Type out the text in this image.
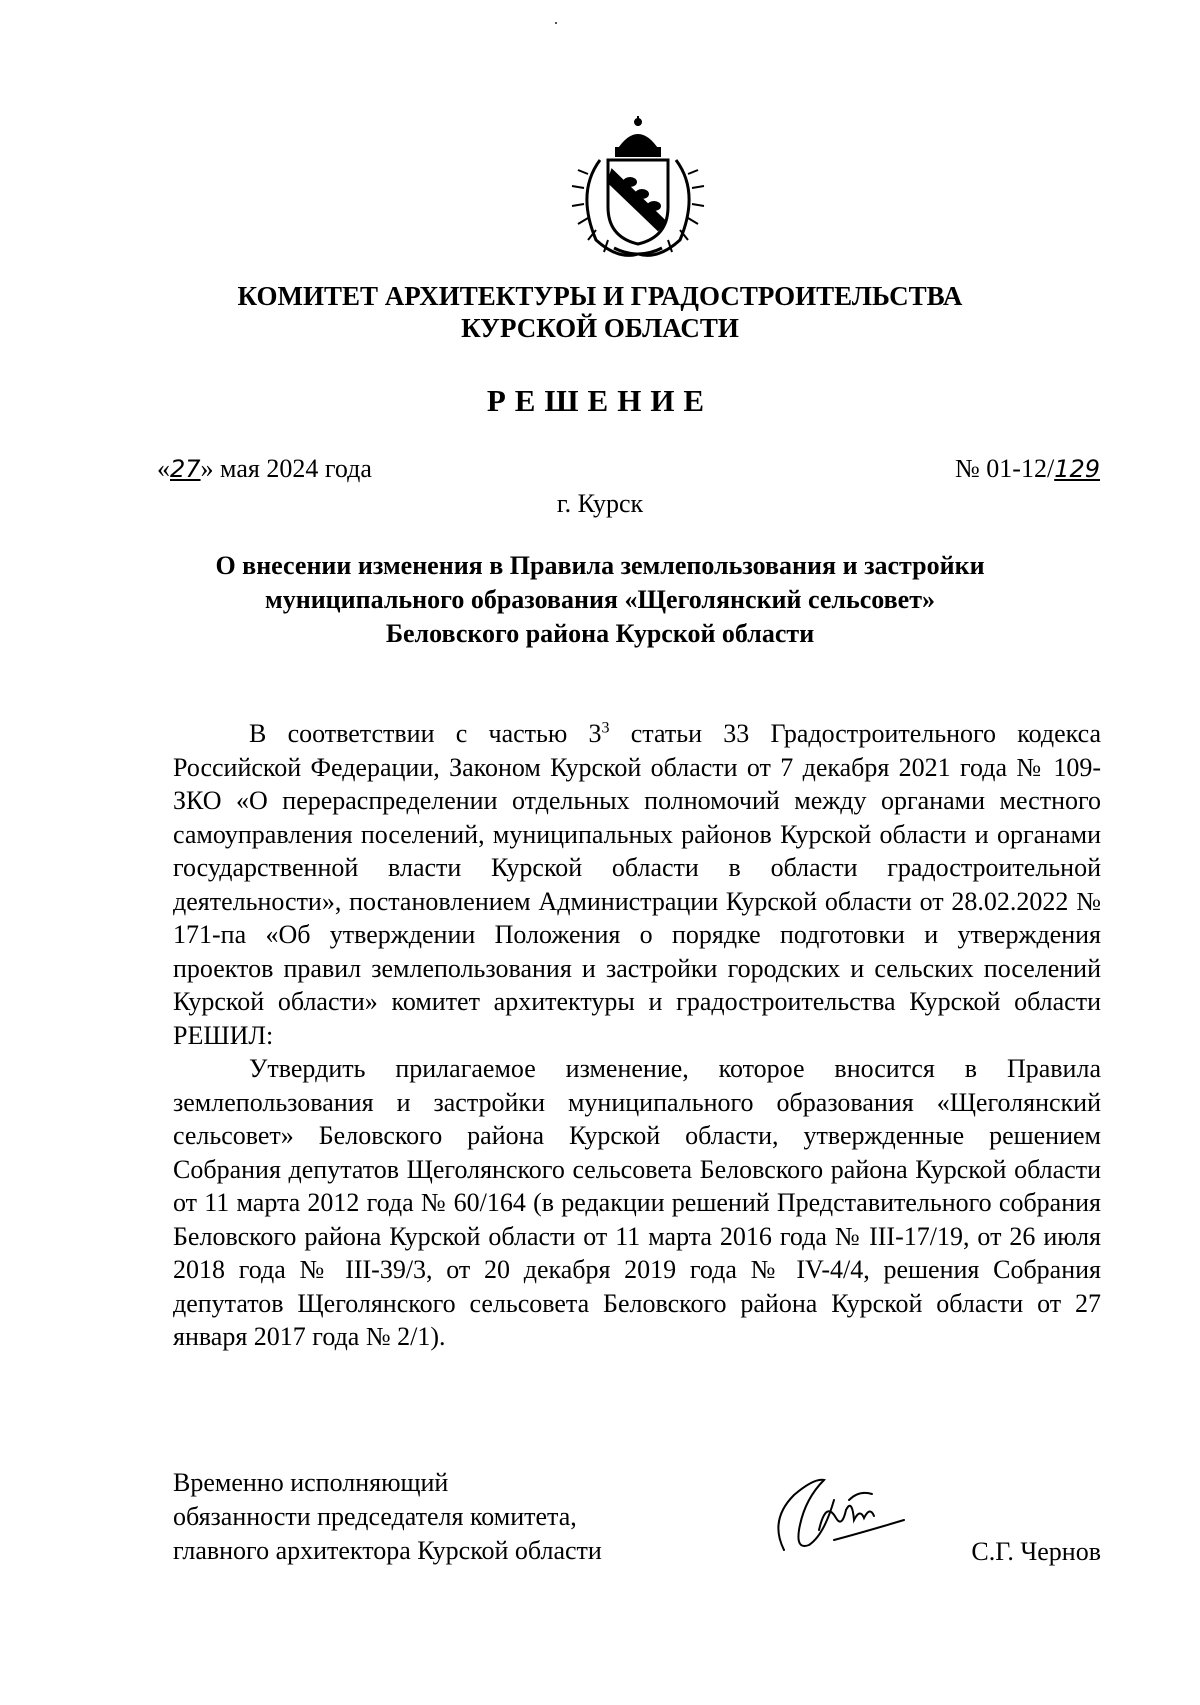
КОМИТЕТ АРХИТЕКТУРЫ И ГРАДОСТРОИТЕЛЬСТВА
КУРСКОЙ ОБЛАСТИ
РЕШЕНИЕ
«27» мая 2024 года	№ 01-12/129
г. Курск
О внесении изменения в Правила землепользования и застройки
муниципального образования «Щеголянский сельсовет»
Беловского района Курской области
В соответствии с частью $3^3$ статьи 33 Градостроительного кодекса Российской Федерации, Законом Курской области от 7 декабря 2021 года № 109-ЗКО «О перераспределении отдельных полномочий между органами местного самоуправления поселений, муниципальных районов Курской области и органами государственной власти Курской области в области градостроительной деятельности», постановлением Администрации Курской области от 28.02.2022 № 171-па «Об утверждении Положения о порядке подготовки и утверждения проектов правил землепользования и застройки городских и сельских поселений Курской области» комитет архитектуры и градостроительства Курской области РЕШИЛ:
Утвердить прилагаемое изменение, которое вносится в Правила землепользования и застройки муниципального образования «Щеголянский сельсовет» Беловского района Курской области, утвержденные решением Собрания депутатов Щеголянского сельсовета Беловского района Курской области от 11 марта 2012 года № 60/164 (в редакции решений Представительного собрания Беловского района Курской области от 11 марта 2016 года № III-17/19, от 26 июля 2018 года № III-39/3, от 20 декабря 2019 года № IV-4/4, решения Собрания депутатов Щеголянского сельсовета Беловского района Курской области от 27 января 2017 года № 2/1).
Временно исполняющий
обязанности председателя комитета,
главного архитектора Курской области	С.Г. Чернов
